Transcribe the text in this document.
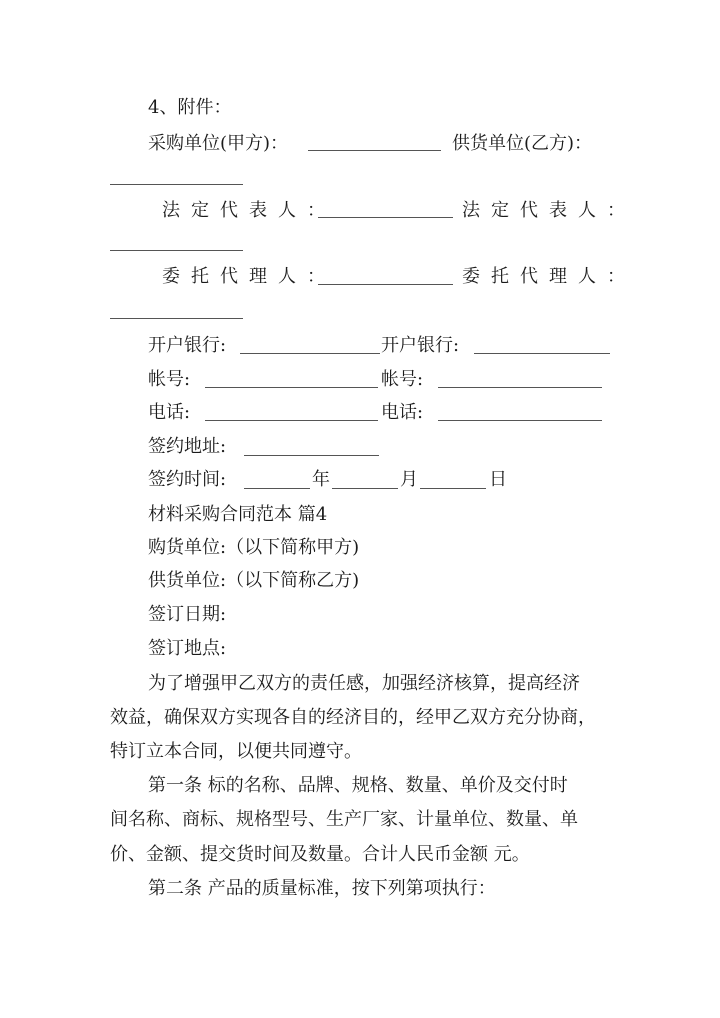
4、附件：
采购单位(甲方)：	供货单位(乙方)：
法定代表人：	法定代表人：
委托代理人：	委托代理人：
开户银行:	开户银行:
帐号:	帐号:
电话:	电话:
签约地址:
签约时间:	年	月	日
材料采购合同范本 篇4
购货单位:（以下简称甲方)
供货单位:（以下简称乙方)
签订日期:
签订地点:
为了增强甲乙双方的责任感，加强经济核算，提高经济
效益，确保双方实现各自的经济目的，经甲乙双方充分协商，
特订立本合同，以便共同遵守。
第一条 标的名称、品牌、规格、数量、单价及交付时
间名称、商标、规格型号、生产厂家、计量单位、数量、单
价、金额、提交货时间及数量。合计人民币金额 元。
第二条 产品的质量标准，按下列第项执行：
